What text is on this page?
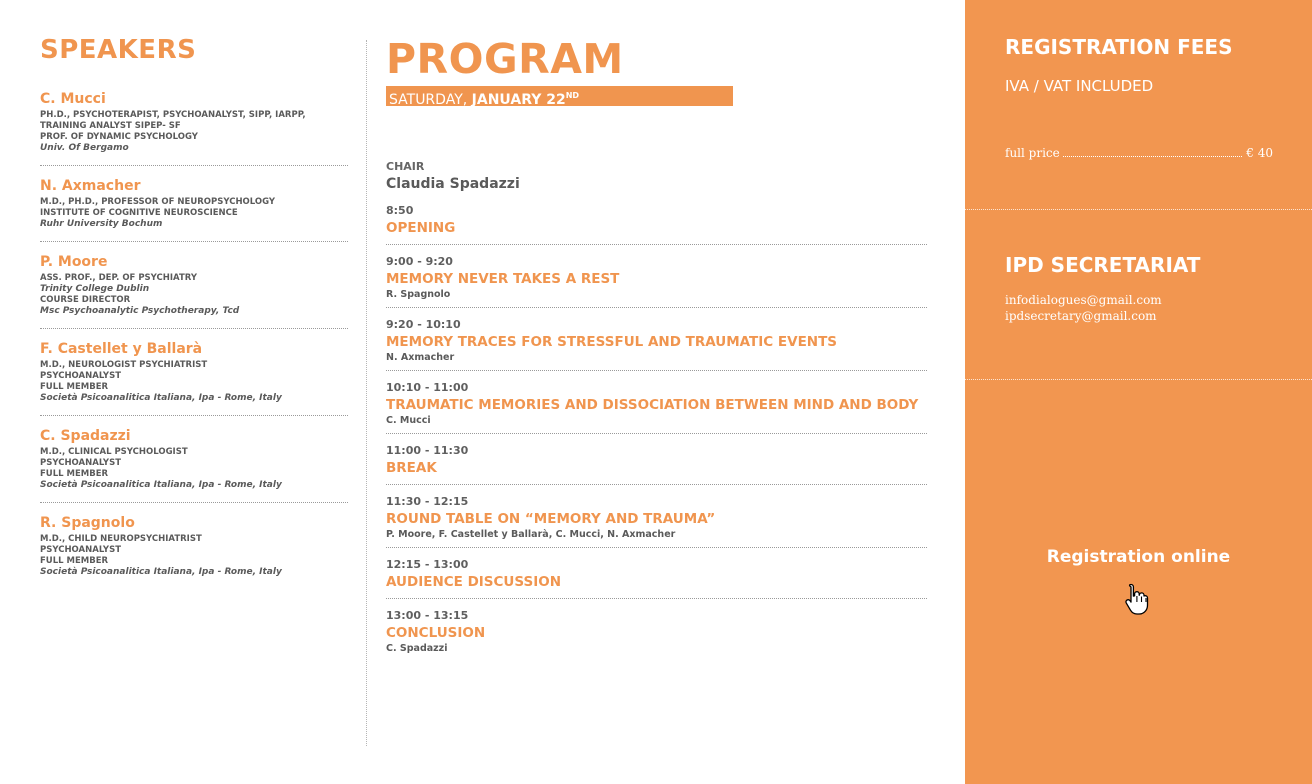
SPEAKERS
C. Mucci
PH.D., PSYCHOTERAPIST, PSYCHOANALYST, SIPP, IARPP,
TRAINING ANALYST SIPEP- SF
PROF. OF DYNAMIC PSYCHOLOGY
Univ. Of Bergamo
N. Axmacher
M.D., PH.D., PROFESSOR OF NEUROPSYCHOLOGY
INSTITUTE OF COGNITIVE NEUROSCIENCE
Ruhr University Bochum
P. Moore
ASS. PROF., DEP. OF PSYCHIATRY
Trinity College Dublin
COURSE DIRECTOR
Msc Psychoanalytic Psychotherapy, Tcd
F. Castellet y Ballarà
M.D., NEUROLOGIST PSYCHIATRIST
PSYCHOANALYST
FULL MEMBER
Società Psicoanalitica Italiana, Ipa - Rome, Italy
C. Spadazzi
M.D., CLINICAL PSYCHOLOGIST
PSYCHOANALYST
FULL MEMBER
Società Psicoanalitica Italiana, Ipa - Rome, Italy
R. Spagnolo
M.D., CHILD NEUROPSYCHIATRIST
PSYCHOANALYST
FULL MEMBER
Società Psicoanalitica Italiana, Ipa - Rome, Italy
PROGRAM
SATURDAY, JANUARY 22ND
CHAIR
Claudia Spadazzi
8:50
OPENING
9:00 - 9:20
MEMORY NEVER TAKES A REST
R. Spagnolo
9:20 - 10:10
MEMORY TRACES FOR STRESSFUL AND TRAUMATIC EVENTS
N. Axmacher
10:10 - 11:00
TRAUMATIC MEMORIES AND DISSOCIATION BETWEEN MIND AND BODY
C. Mucci
11:00 - 11:30
BREAK
11:30 - 12:15
ROUND TABLE ON “MEMORY AND TRAUMA”
P. Moore, F. Castellet y Ballarà, C. Mucci, N. Axmacher
12:15 - 13:00
AUDIENCE DISCUSSION
13:00 - 13:15
CONCLUSION
C. Spadazzi
REGISTRATION FEES
IVA / VAT INCLUDED
full price	€ 40
IPD SECRETARIAT
infodialogues@gmail.com
ipdsecretary@gmail.com
Registration online
